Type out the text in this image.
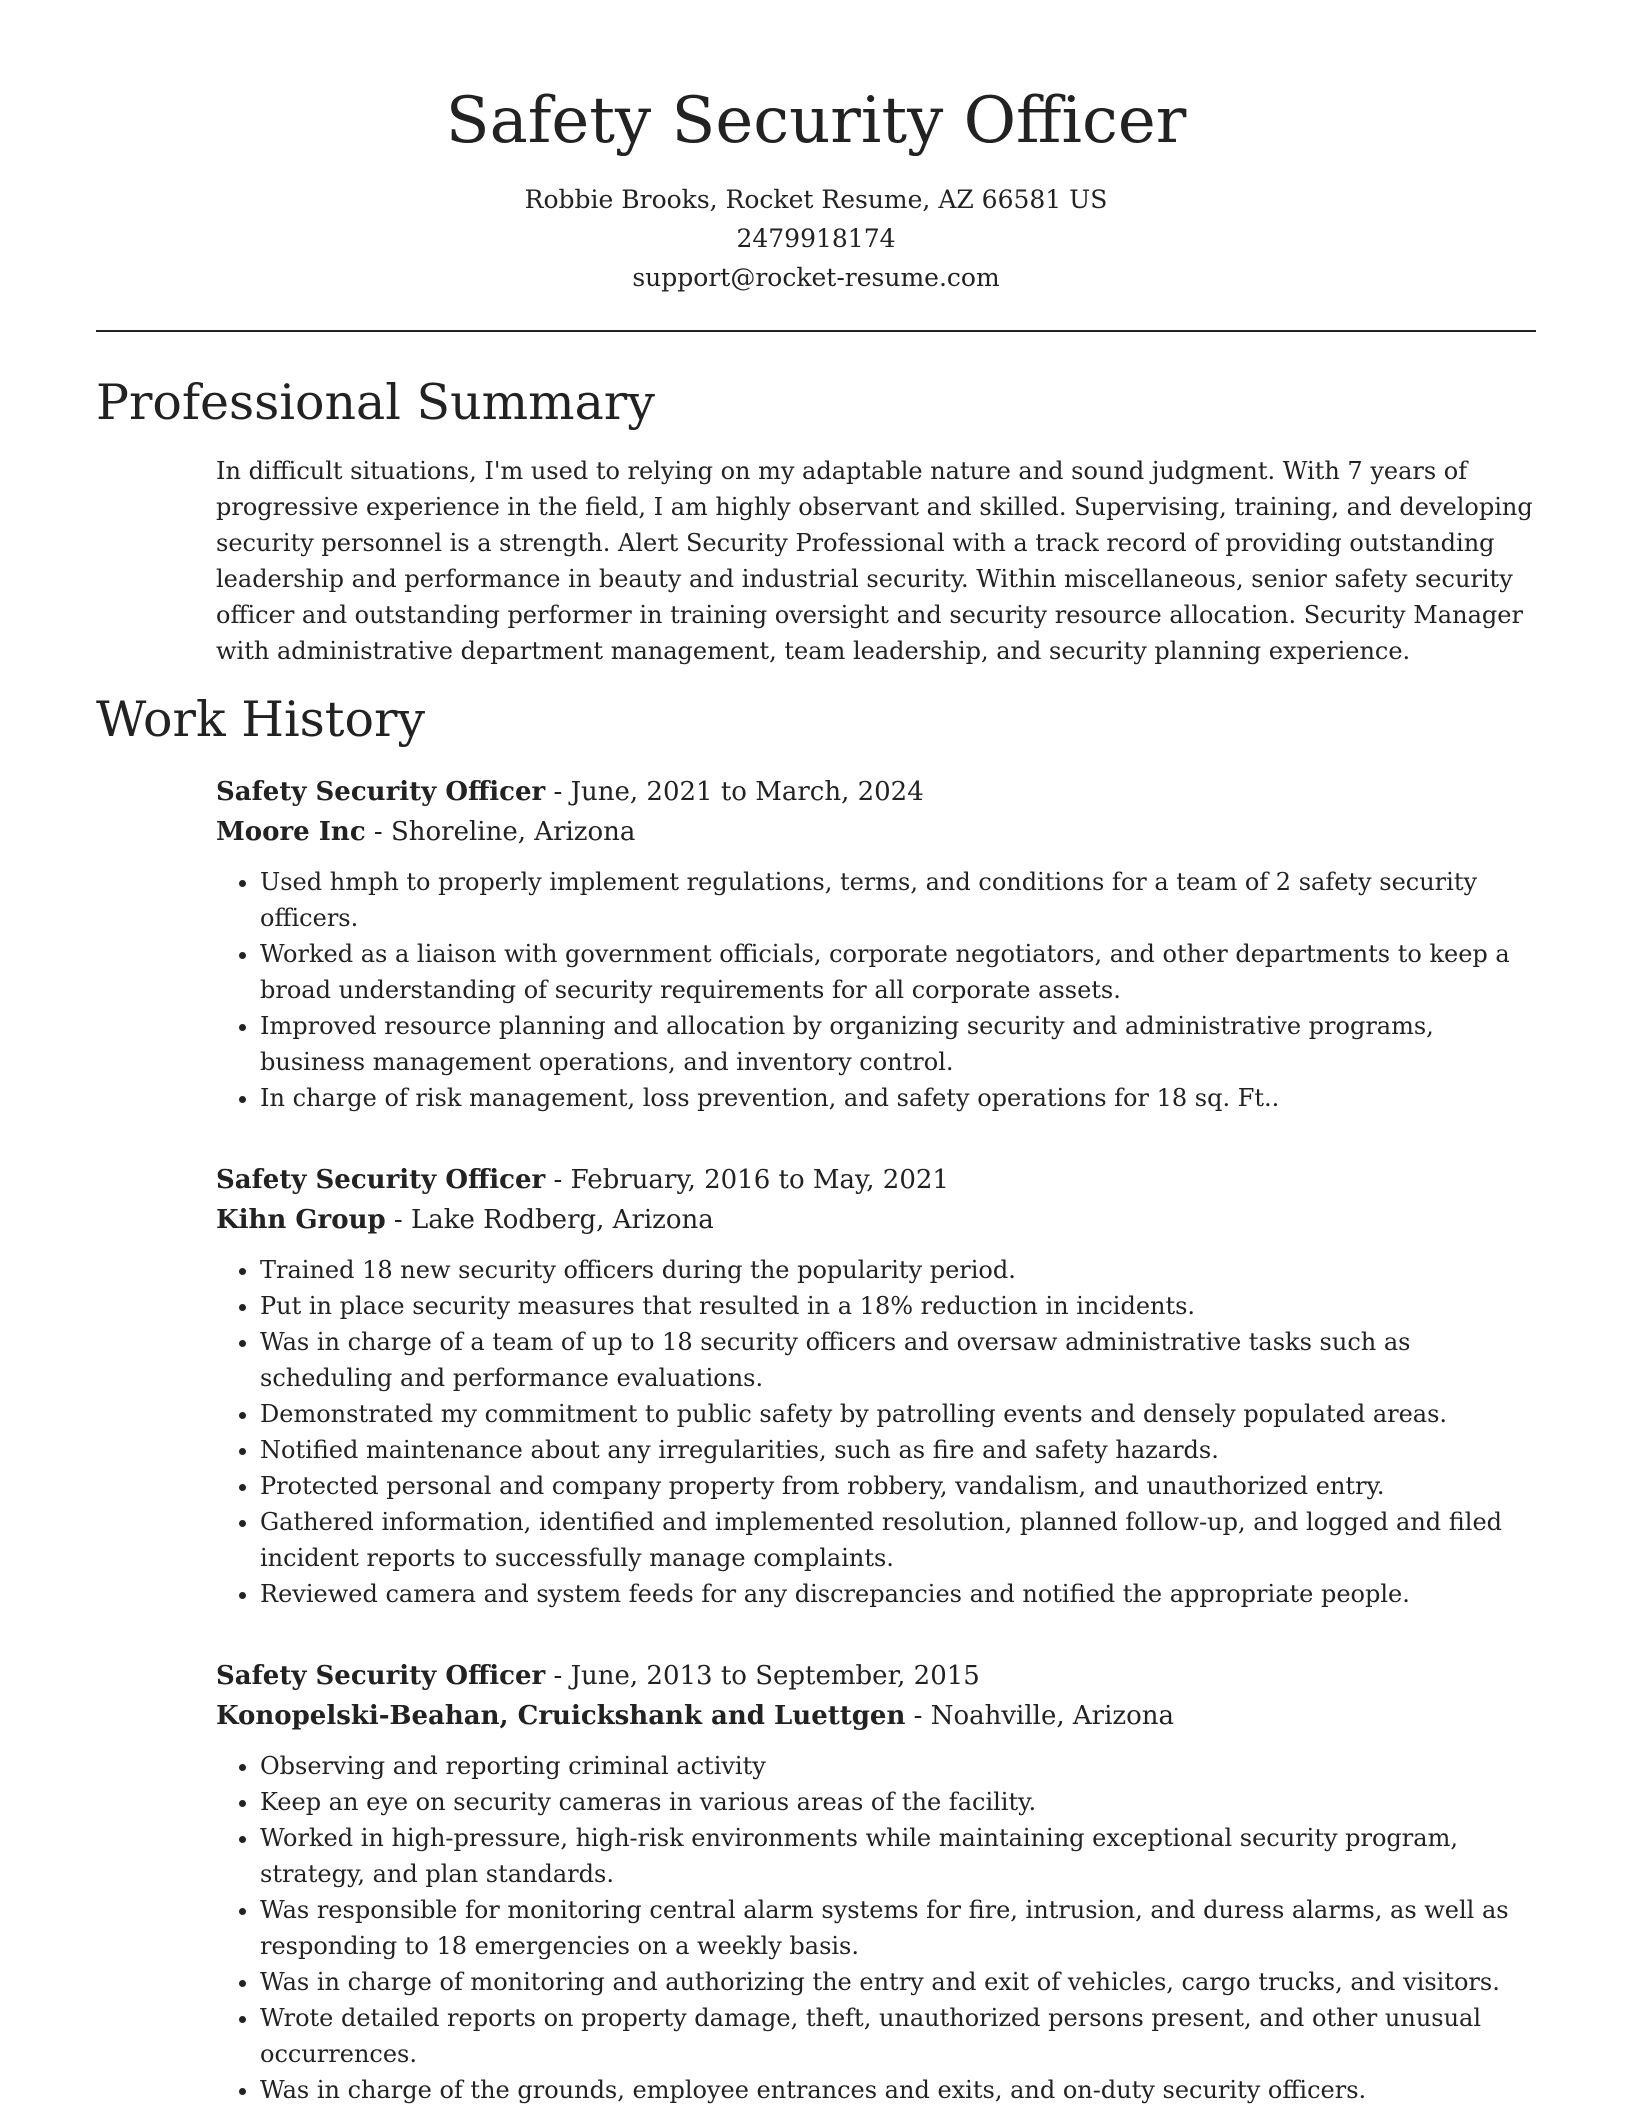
Safety Security Officer
Robbie Brooks, Rocket Resume, AZ 66581 US
2479918174
support@rocket-resume.com
Professional Summary
In difficult situations, I'm used to relying on my adaptable nature and sound judgment. With 7 years of progressive experience in the field, I am highly observant and skilled. Supervising, training, and developing security personnel is a strength. Alert Security Professional with a track record of providing outstanding leadership and performance in beauty and industrial security. Within miscellaneous, senior safety security officer and outstanding performer in training oversight and security resource allocation. Security Manager with administrative department management, team leadership, and security planning experience.
Work History
Safety Security Officer - June, 2021 to March, 2024
Moore Inc - Shoreline, Arizona
• Used hmph to properly implement regulations, terms, and conditions for a team of 2 safety security officers.
• Worked as a liaison with government officials, corporate negotiators, and other departments to keep a broad understanding of security requirements for all corporate assets.
• Improved resource planning and allocation by organizing security and administrative programs, business management operations, and inventory control.
• In charge of risk management, loss prevention, and safety operations for 18 sq. Ft..
Safety Security Officer - February, 2016 to May, 2021
Kihn Group - Lake Rodberg, Arizona
• Trained 18 new security officers during the popularity period.
• Put in place security measures that resulted in a 18% reduction in incidents.
• Was in charge of a team of up to 18 security officers and oversaw administrative tasks such as scheduling and performance evaluations.
• Demonstrated my commitment to public safety by patrolling events and densely populated areas.
• Notified maintenance about any irregularities, such as fire and safety hazards.
• Protected personal and company property from robbery, vandalism, and unauthorized entry.
• Gathered information, identified and implemented resolution, planned follow-up, and logged and filed incident reports to successfully manage complaints.
• Reviewed camera and system feeds for any discrepancies and notified the appropriate people.
Safety Security Officer - June, 2013 to September, 2015
Konopelski-Beahan, Cruickshank and Luettgen - Noahville, Arizona
• Observing and reporting criminal activity
• Keep an eye on security cameras in various areas of the facility.
• Worked in high-pressure, high-risk environments while maintaining exceptional security program, strategy, and plan standards.
• Was responsible for monitoring central alarm systems for fire, intrusion, and duress alarms, as well as responding to 18 emergencies on a weekly basis.
• Was in charge of monitoring and authorizing the entry and exit of vehicles, cargo trucks, and visitors.
• Wrote detailed reports on property damage, theft, unauthorized persons present, and other unusual occurrences.
• Was in charge of the grounds, employee entrances and exits, and on-duty security officers.
